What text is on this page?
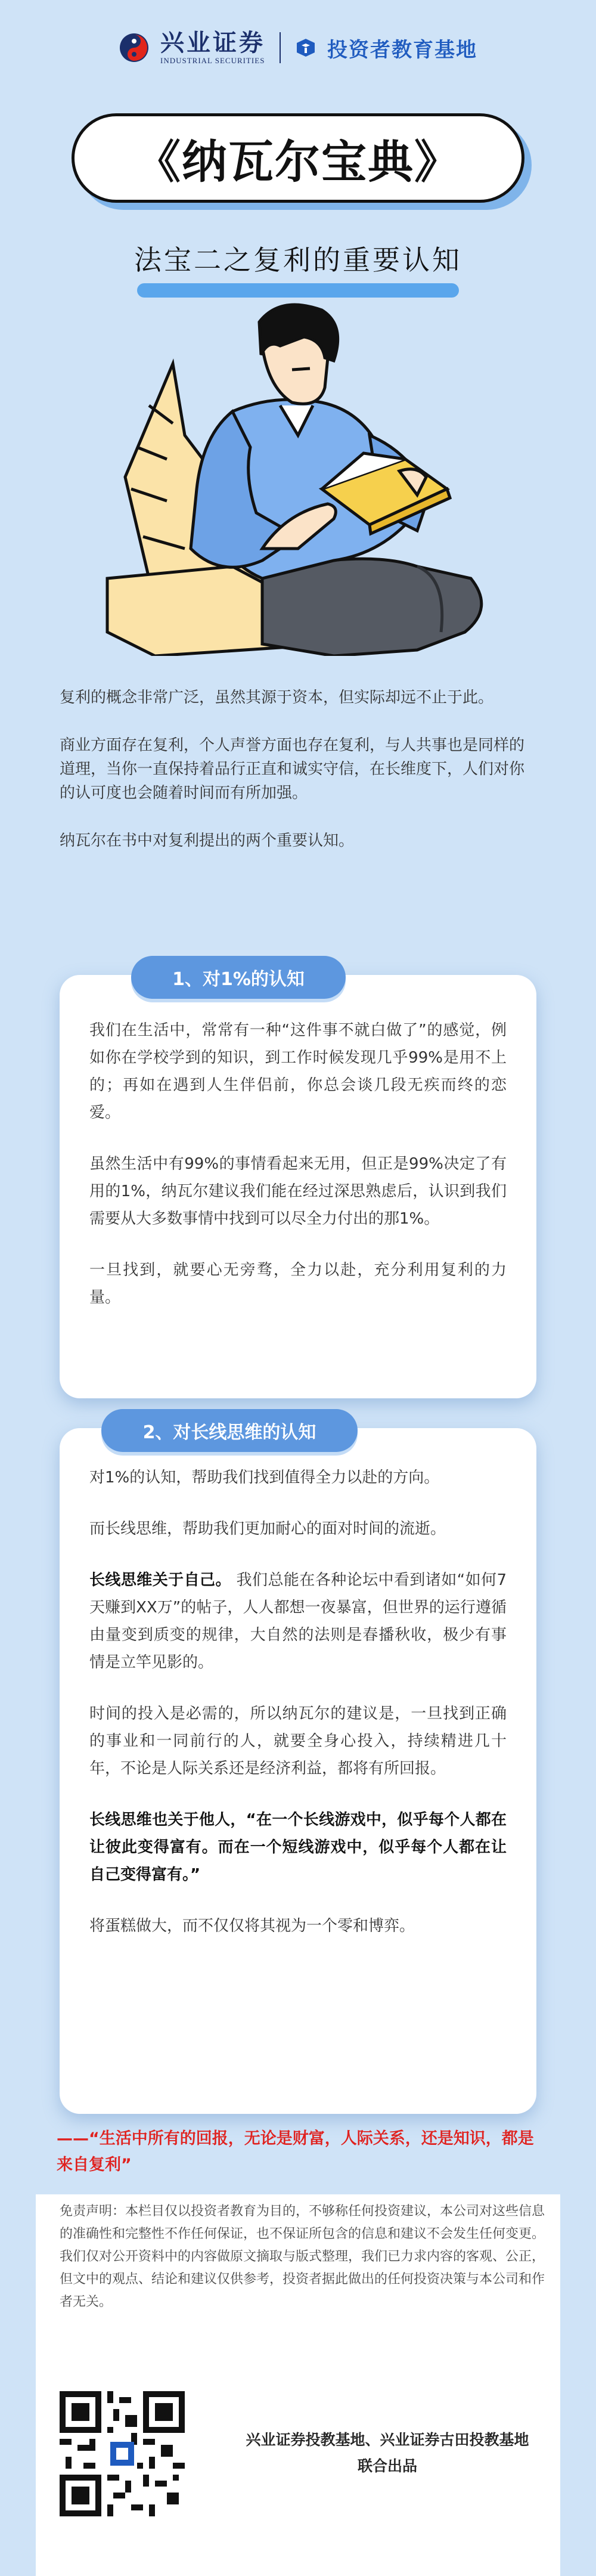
兴业证券
INDUSTRIAL SECURITIES	投资者教育基地
《纳瓦尔宝典》
法宝二之复利的重要认知

复利的概念非常广泛，虽然其源于资本，但实际却远不止于此。

商业方面存在复利，个人声誉方面也存在复利，与人共事也是同样的道理，当你一直保持着品行正直和诚实守信，在长维度下，人们对你的认可度也会随着时间而有所加强。

纳瓦尔在书中对复利提出的两个重要认知。

1、对1%的认知

我们在生活中，常常有一种“这件事不就白做了”的感觉，例如你在学校学到的知识，到工作时候发现几乎99%是用不上的；再如在遇到人生伴侣前，你总会谈几段无疾而终的恋爱。

虽然生活中有99%的事情看起来无用，但正是99%决定了有用的1%，纳瓦尔建议我们能在经过深思熟虑后，认识到我们需要从大多数事情中找到可以尽全力付出的那1%。

一旦找到，就要心无旁骛，全力以赴，充分利用复利的力量。

2、对长线思维的认知

对1%的认知，帮助我们找到值得全力以赴的方向。

而长线思维，帮助我们更加耐心的面对时间的流逝。

长线思维关于自己。 我们总能在各种论坛中看到诸如“如何7天赚到XX万”的帖子，人人都想一夜暴富，但世界的运行遵循由量变到质变的规律，大自然的法则是春播秋收，极少有事情是立竿见影的。

时间的投入是必需的，所以纳瓦尔的建议是，一旦找到正确的事业和一同前行的人，就要全身心投入，持续精进几十年，不论是人际关系还是经济利益，都将有所回报。

长线思维也关于他人，“在一个长线游戏中，似乎每个人都在让彼此变得富有。而在一个短线游戏中，似乎每个人都在让自己变得富有。”

将蛋糕做大，而不仅仅将其视为一个零和博弈。

——“生活中所有的回报，无论是财富，人际关系，还是知识，都是来自复利”
免责声明：本栏目仅以投资者教育为目的，不够称任何投资建议，本公司对这些信息的准确性和完整性不作任何保证，也不保证所包含的信息和建议不会发生任何变更。我们仅对公开资料中的内容做原文摘取与版式整理，我们已力求内容的客观、公正，但文中的观点、结论和建议仅供参考，投资者据此做出的任何投资决策与本公司和作者无关。
兴业证券投教基地、兴业证券古田投教基地
联合出品
